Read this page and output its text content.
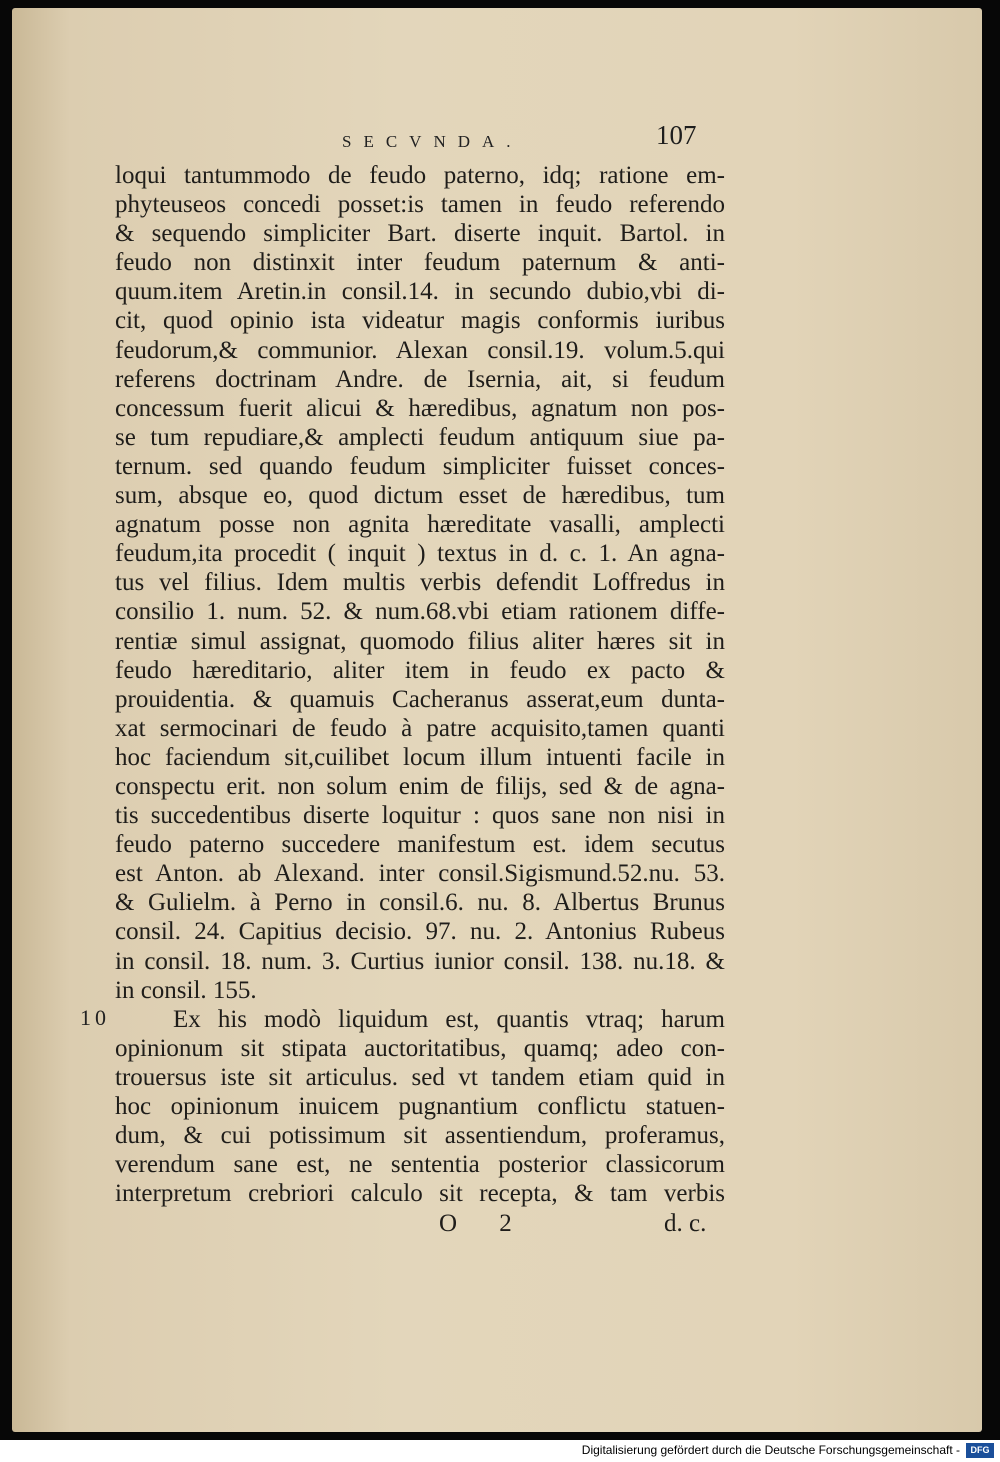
SECVNDA.	107
loqui tantummodo de feudo paterno, idq; ratione em-
phyteuseos concedi posset:is tamen in feudo referendo
& sequendo simpliciter Bart. diserte inquit. Bartol. in
feudo non distinxit inter feudum paternum & anti-
quum.item Aretin.in consil.14. in secundo dubio,vbi di-
cit, quod opinio ista videatur magis conformis iuribus
feudorum,& communior. Alexan consil.19. volum.5.qui
referens doctrinam Andre. de Isernia, ait, si feudum
concessum fuerit alicui & hæredibus, agnatum non pos-
se tum repudiare,& amplecti feudum antiquum siue pa-
ternum. sed quando feudum simpliciter fuisset conces-
sum, absque eo, quod dictum esset de hæredibus, tum
agnatum posse non agnita hæreditate vasalli, amplecti
feudum,ita procedit ( inquit ) textus in d. c. 1. An agna-
tus vel filius. Idem multis verbis defendit Loffredus in
consilio 1. num. 52. & num.68.vbi etiam rationem diffe-
rentiæ simul assignat, quomodo filius aliter hæres sit in
feudo hæreditario, aliter item in feudo ex pacto &
prouidentia. & quamuis Cacheranus asserat,eum dunta-
xat sermocinari de feudo à patre acquisito,tamen quanti
hoc faciendum sit,cuilibet locum illum intuenti facile in
conspectu erit. non solum enim de filijs, sed & de agna-
tis succedentibus diserte loquitur : quos sane non nisi in
feudo paterno succedere manifestum est. idem secutus
est Anton. ab Alexand. inter consil.Sigismund.52.nu. 53.
& Gulielm. à Perno in consil.6. nu. 8. Albertus Brunus
consil. 24. Capitius decisio. 97. nu. 2. Antonius Rubeus
in consil. 18. num. 3. Curtius iunior consil. 138. nu.18. &
in consil. 155.
Ex his modò liquidum est, quantis vtraq; harum
opinionum sit stipata auctoritatibus, quamq; adeo con-
trouersus iste sit articulus. sed vt tandem etiam quid in
hoc opinionum inuicem pugnantium conflictu statuen-
dum, & cui potissimum sit assentiendum, proferamus,
verendum sane est, ne sententia posterior classicorum
interpretum crebriori calculo sit recepta, & tam verbis
10
O 2	d. c.
Digitalisierung gefördert durch die Deutsche Forschungsgemeinschaft -	DFG
